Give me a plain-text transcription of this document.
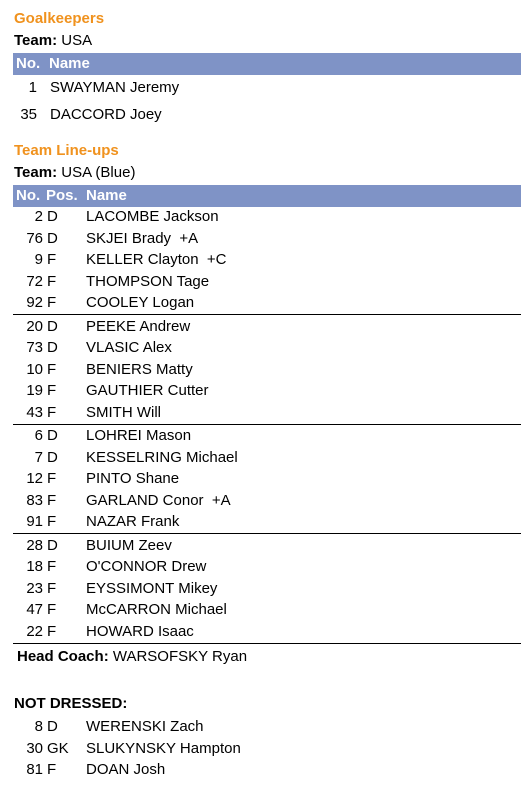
Goalkeepers
Team: USA
No. Name
1 SWAYMAN Jeremy
35 DACCORD Joey
Team Line-ups
Team: USA (Blue)
No. Pos. Name
2 D LACOMBE Jackson
76 D SKJEI Brady  +A
9 F KELLER Clayton  +C
72 F THOMPSON Tage
92 F COOLEY Logan
20 D PEEKE Andrew
73 D VLASIC Alex
10 F BENIERS Matty
19 F GAUTHIER Cutter
43 F SMITH Will
6 D LOHREI Mason
7 D KESSELRING Michael
12 F PINTO Shane
83 F GARLAND Conor  +A
91 F NAZAR Frank
28 D BUIUM Zeev
18 F O'CONNOR Drew
23 F EYSSIMONT Mikey
47 F McCARRON Michael
22 F HOWARD Isaac
Head Coach: WARSOFSKY Ryan
NOT DRESSED:
8 D WERENSKI Zach
30 GK SLUKYNSKY Hampton
81 F DOAN Josh
